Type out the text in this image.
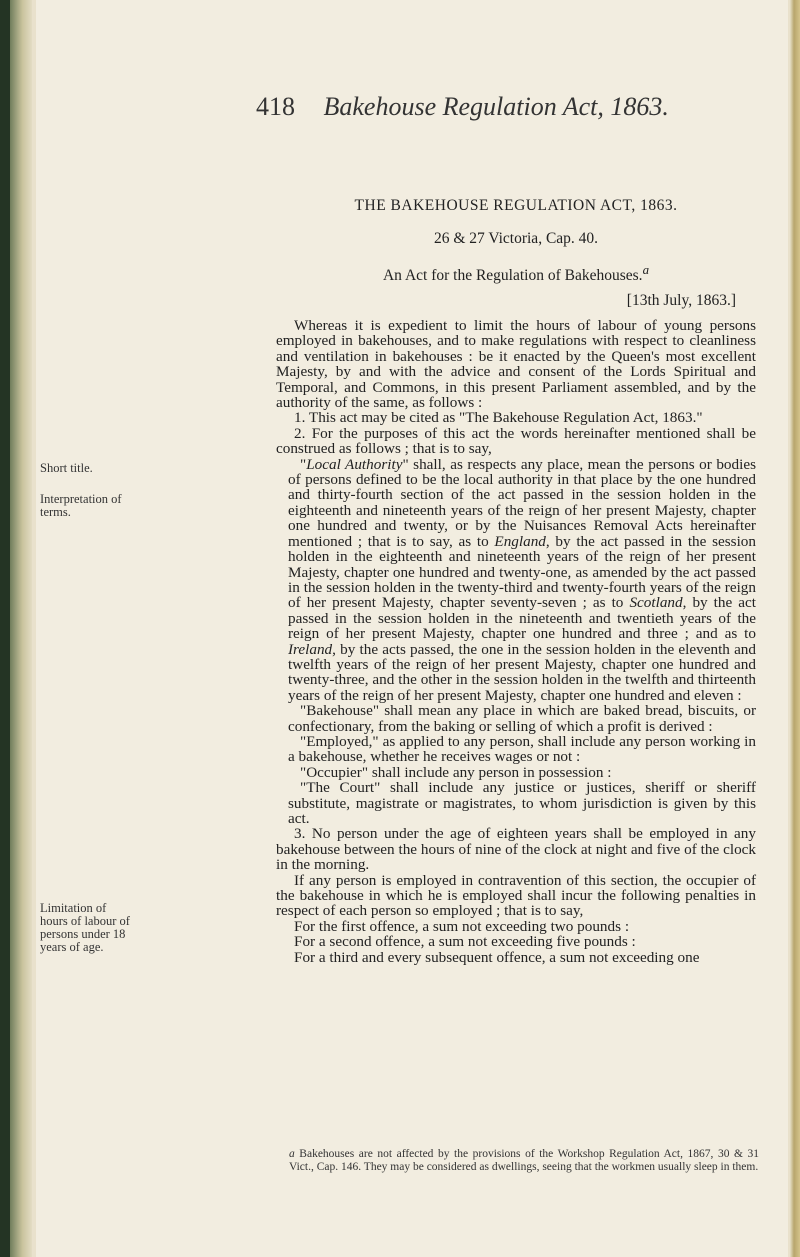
418 Bakehouse Regulation Act, 1863.
THE BAKEHOUSE REGULATION ACT, 1863.
26 & 27 Victoria, Cap. 40.
An Act for the Regulation of Bakehouses.$^a$
[13th July, 1863.]
Short title.
Interpretation of terms.
Limitation of hours of labour of persons under 18 years of age.

Whereas it is expedient to limit the hours of labour of young persons employed in bakehouses, and to make regulations with respect to cleanliness and ventilation in bakehouses : be it enacted by the Queen's most excellent Majesty, by and with the advice and consent of the Lords Spiritual and Temporal, and Commons, in this present Parliament assembled, and by the authority of the same, as follows :

1. This act may be cited as "The Bakehouse Regulation Act, 1863."

2. For the purposes of this act the words hereinafter mentioned shall be construed as follows ; that is to say,

"Local Authority" shall, as respects any place, mean the persons or bodies of persons defined to be the local authority in that place by the one hundred and thirty-fourth section of the act passed in the session holden in the eighteenth and nineteenth years of the reign of her present Majesty, chapter one hundred and twenty, or by the Nuisances Removal Acts hereinafter mentioned ; that is to say, as to England, by the act passed in the session holden in the eighteenth and nineteenth years of the reign of her present Majesty, chapter one hundred and twenty-one, as amended by the act passed in the session holden in the twenty-third and twenty-fourth years of the reign of her present Majesty, chapter seventy-seven ; as to Scotland, by the act passed in the session holden in the nineteenth and twentieth years of the reign of her present Majesty, chapter one hundred and three ; and as to Ireland, by the acts passed, the one in the session holden in the eleventh and twelfth years of the reign of her present Majesty, chapter one hundred and twenty-three, and the other in the session holden in the twelfth and thirteenth years of the reign of her present Majesty, chapter one hundred and eleven :

"Bakehouse" shall mean any place in which are baked bread, biscuits, or confectionary, from the baking or selling of which a profit is derived :

"Employed," as applied to any person, shall include any person working in a bakehouse, whether he receives wages or not :

"Occupier" shall include any person in possession :

"The Court" shall include any justice or justices, sheriff or sheriff substitute, magistrate or magistrates, to whom jurisdiction is given by this act.

3. No person under the age of eighteen years shall be employed in any bakehouse between the hours of nine of the clock at night and five of the clock in the morning.

If any person is employed in contravention of this section, the occupier of the bakehouse in which he is employed shall incur the following penalties in respect of each person so employed ; that is to say,

For the first offence, a sum not exceeding two pounds :

For a second offence, a sum not exceeding five pounds :

For a third and every subsequent offence, a sum not exceeding one

a Bakehouses are not affected by the provisions of the Workshop Regulation Act, 1867, 30 & 31 Vict., Cap. 146. They may be considered as dwellings, seeing that the workmen usually sleep in them.
